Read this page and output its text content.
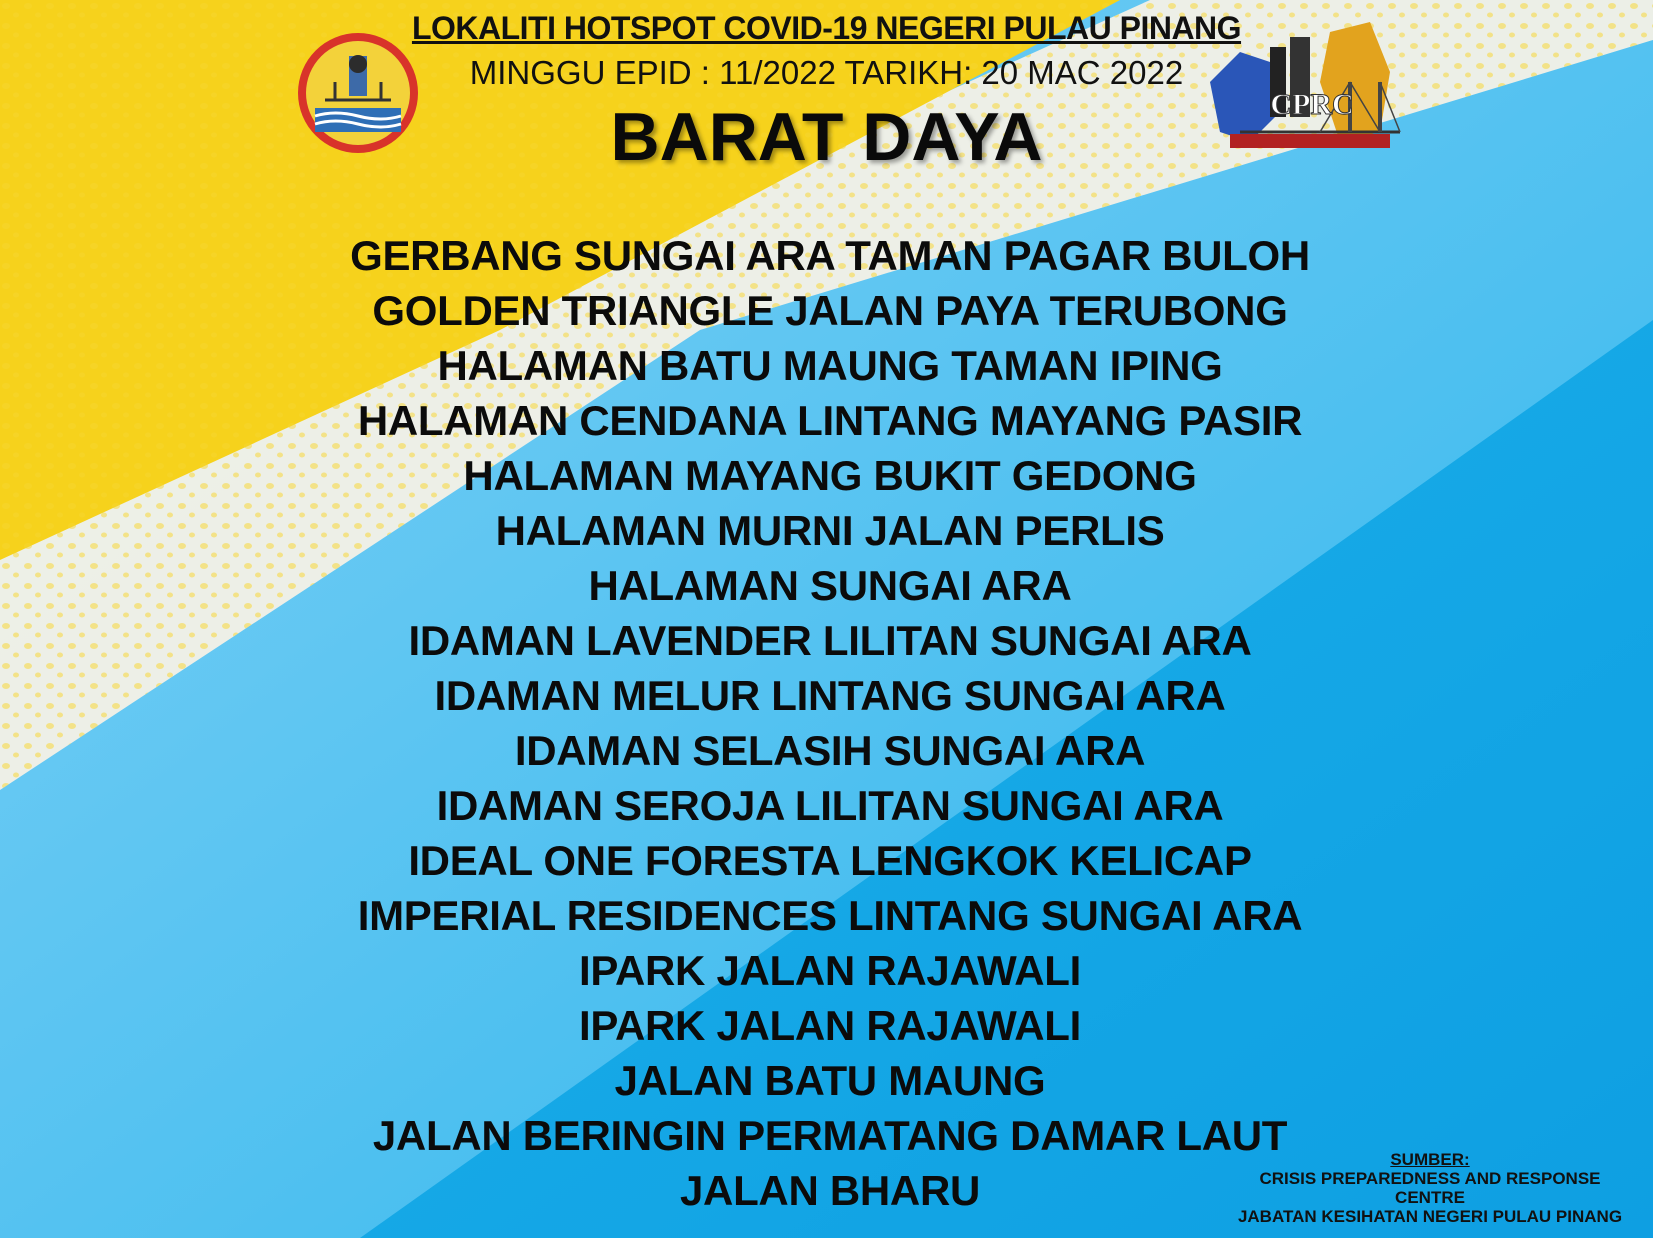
CPRC
LOKALITI HOTSPOT COVID-19 NEGERI PULAU PINANG
MINGGU EPID : 11/2022 TARIKH: 20 MAC 2022
BARAT DAYA
GERBANG SUNGAI ARA TAMAN PAGAR BULOH
GOLDEN TRIANGLE JALAN PAYA TERUBONG
HALAMAN BATU MAUNG TAMAN IPING
HALAMAN CENDANA LINTANG MAYANG PASIR
HALAMAN MAYANG BUKIT GEDONG
HALAMAN MURNI JALAN PERLIS
HALAMAN SUNGAI ARA
IDAMAN LAVENDER LILITAN SUNGAI ARA
IDAMAN MELUR LINTANG SUNGAI ARA
IDAMAN SELASIH SUNGAI ARA
IDAMAN SEROJA LILITAN SUNGAI ARA
IDEAL ONE FORESTA LENGKOK KELICAP
IMPERIAL RESIDENCES LINTANG SUNGAI ARA
IPARK JALAN RAJAWALI
IPARK JALAN RAJAWALI
JALAN BATU MAUNG
JALAN BERINGIN PERMATANG DAMAR LAUT
JALAN BHARU
SUMBER:
CRISIS PREPAREDNESS AND RESPONSE
CENTRE
JABATAN KESIHATAN NEGERI PULAU PINANG
